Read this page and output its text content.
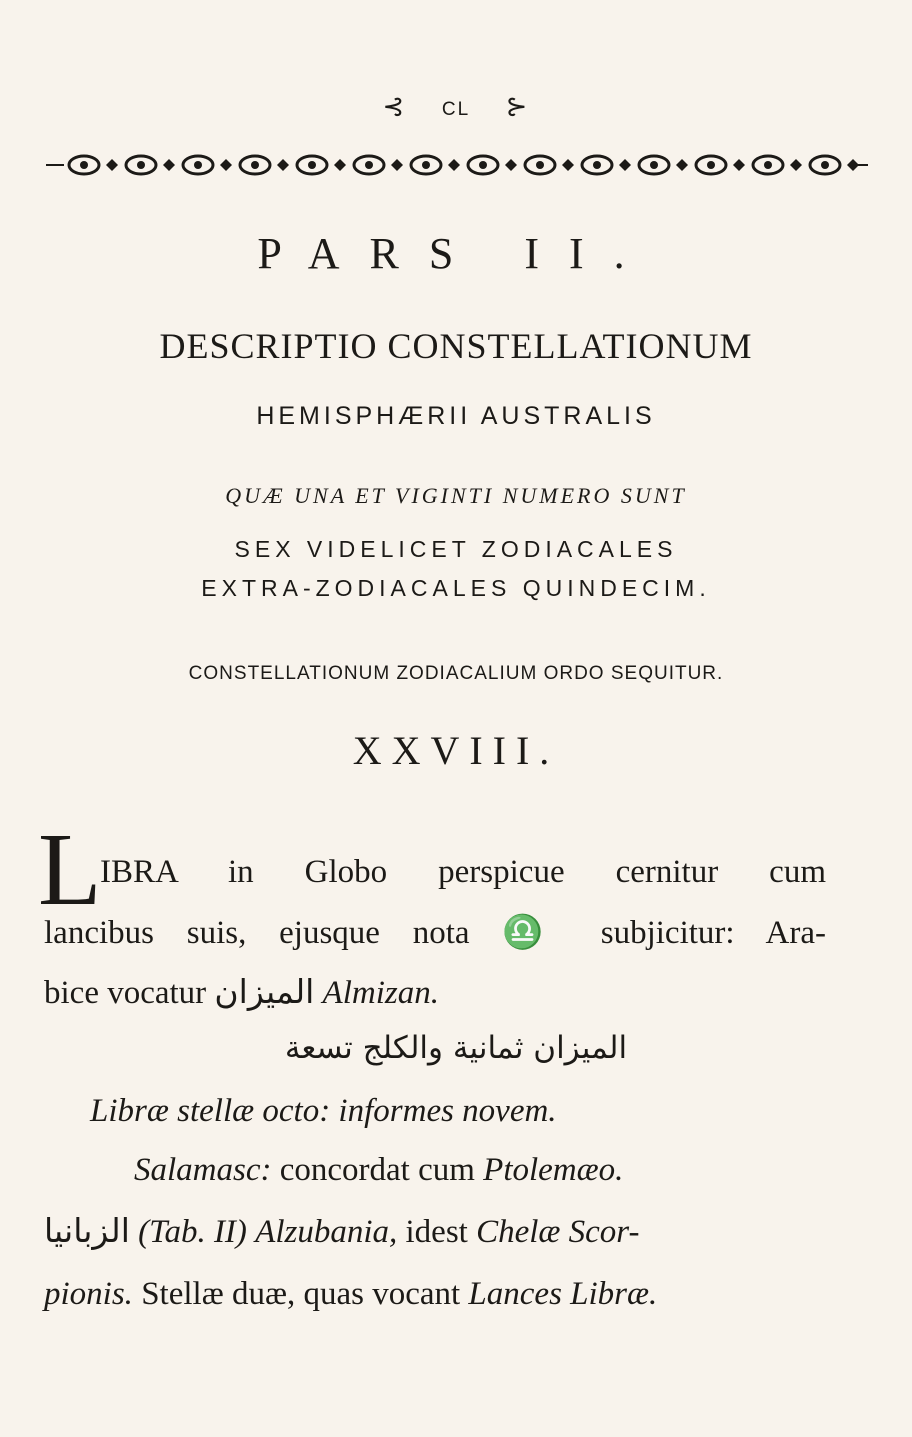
⊰ CL ⊱
PARS II.
DESCRIPTIO CONSTELLATIONUM
HEMISPHÆRII AUSTRALIS
QUÆ UNA ET VIGINTI NUMERO SUNT
SEX VIDELICET ZODIACALES
EXTRA-ZODIACALES QUINDECIM.
CONSTELLATIONUM ZODIACALIUM ORDO SEQUITUR.
XXVIII.
L
IBRA in Globo perspicue cernitur cum
lancibus suis, ejusque nota ♎ subjicitur: Ara-
bice vocatur الميزان Almizan.
الميزان ثمانية والكلج تسعة
Libræ stellæ octo: informes novem.
Salamasc: concordat cum Ptolemæo.
الزبانيا (Tab. II) Alzubania, idest Chelæ Scor-
pionis. Stellæ duæ, quas vocant Lances Libræ.
